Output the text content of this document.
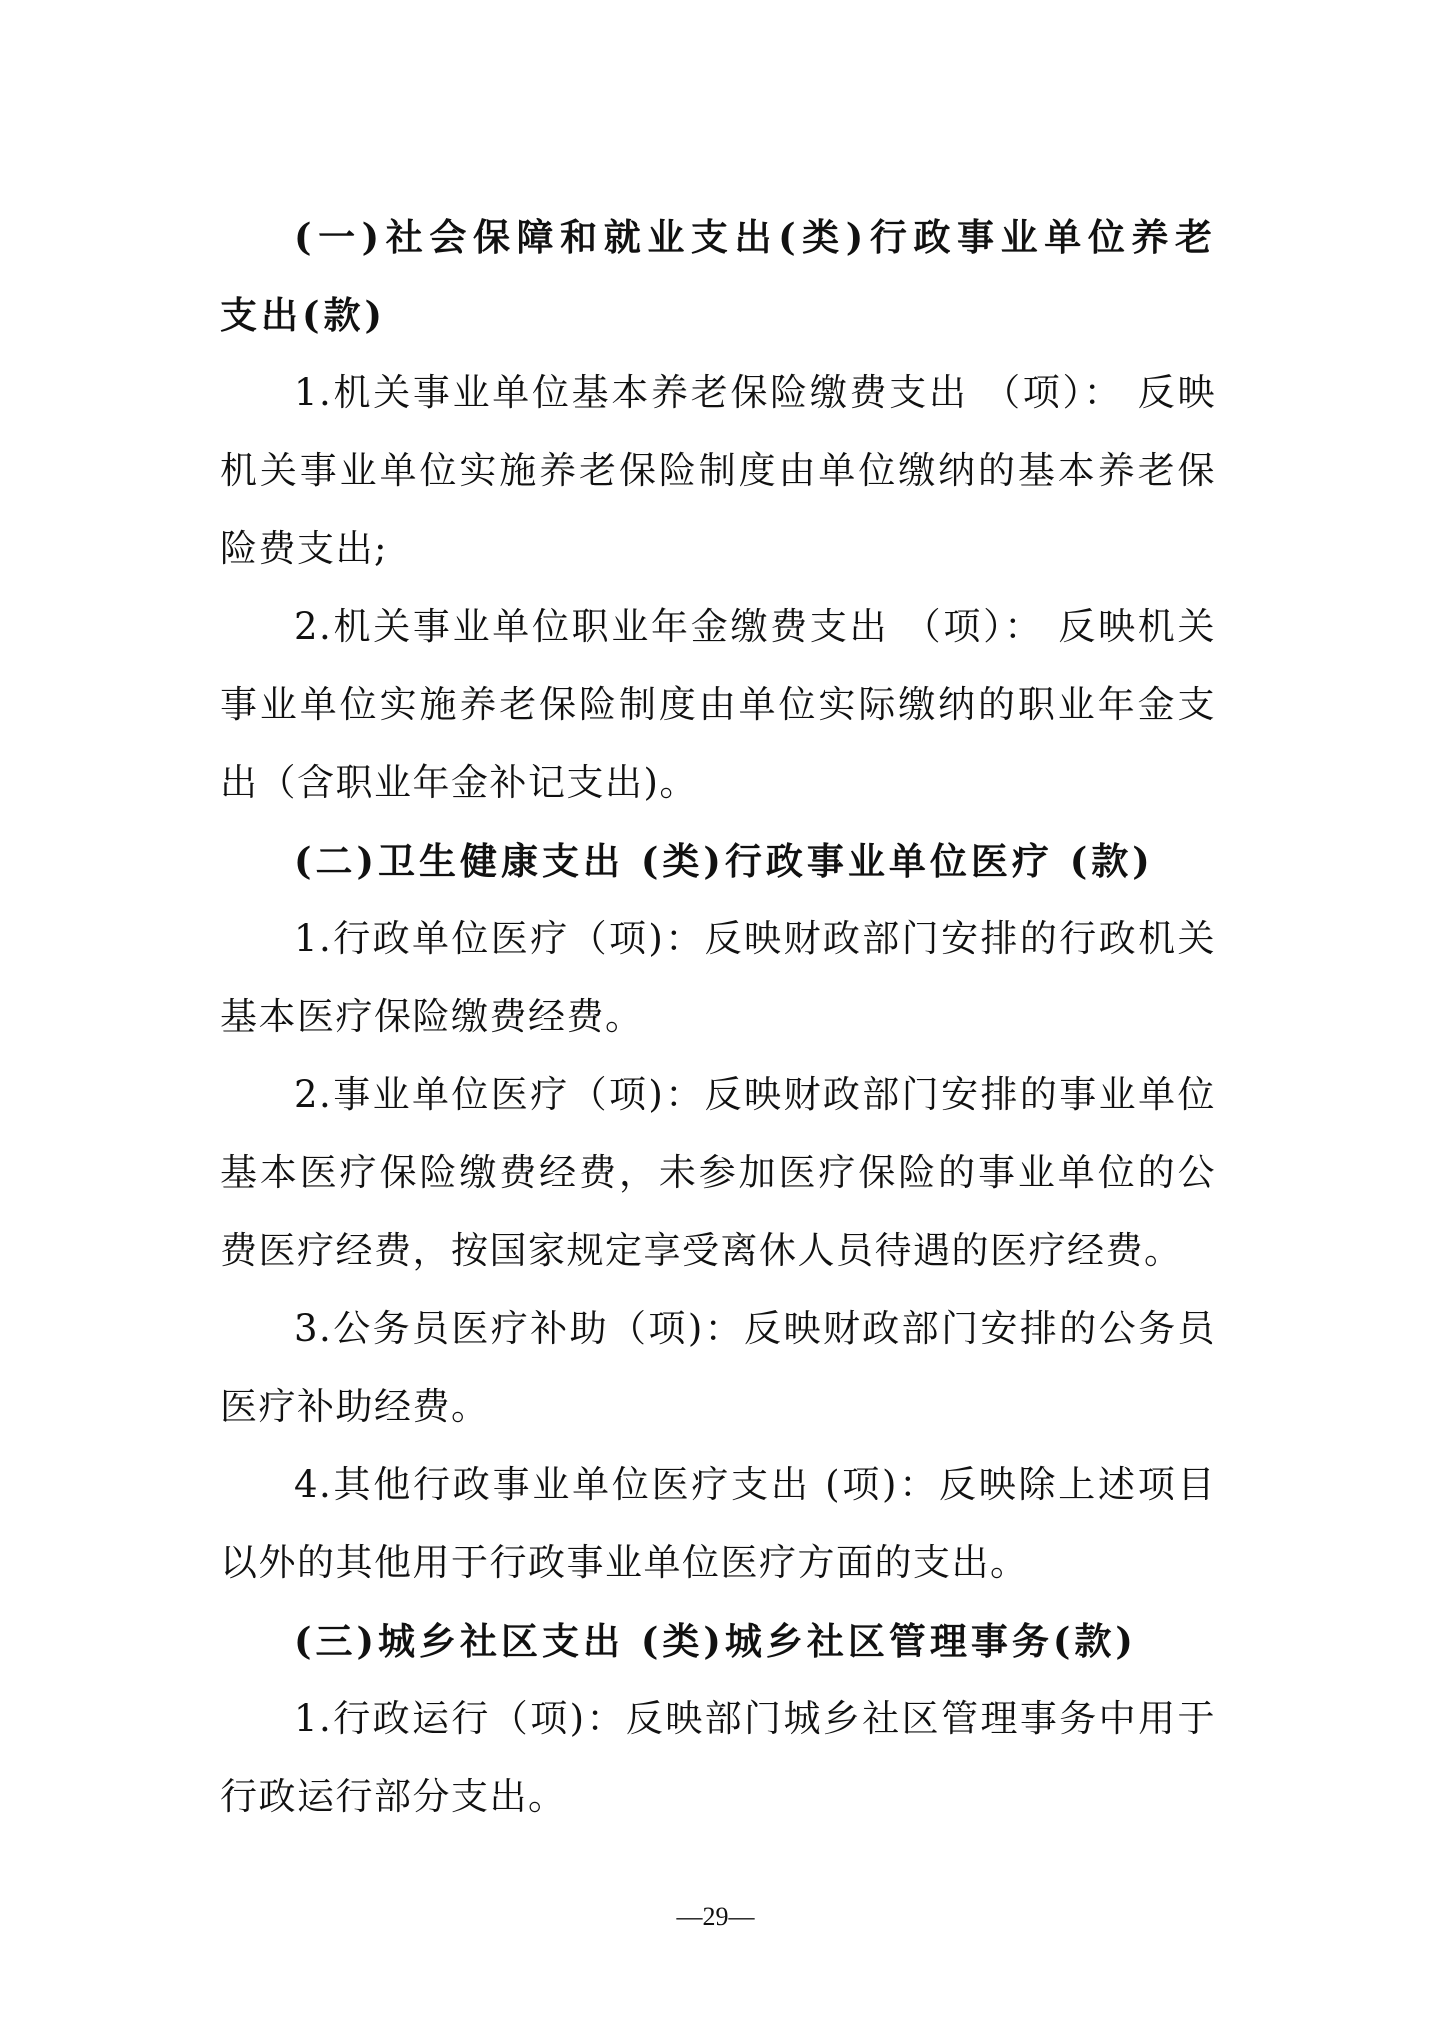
(一)社会保障和就业支出(类)行政事业单位养老
支出(款)
1.机关事业单位基本养老保险缴费支出 （项）： 反映
机关事业单位实施养老保险制度由单位缴纳的基本养老保
险费支出;
2.机关事业单位职业年金缴费支出 （项）： 反映机关
事业单位实施养老保险制度由单位实际缴纳的职业年金支
出（含职业年金补记支出)。
(二)卫生健康支出 (类)行政事业单位医疗 (款)
1.行政单位医疗（项)：反映财政部门安排的行政机关
基本医疗保险缴费经费。
2.事业单位医疗（项)：反映财政部门安排的事业单位
基本医疗保险缴费经费，未参加医疗保险的事业单位的公
费医疗经费，按国家规定享受离休人员待遇的医疗经费。
3.公务员医疗补助（项)：反映财政部门安排的公务员
医疗补助经费。
4.其他行政事业单位医疗支出 (项)：反映除上述项目
以外的其他用于行政事业单位医疗方面的支出。
(三)城乡社区支出 (类)城乡社区管理事务(款)
1.行政运行（项)：反映部门城乡社区管理事务中用于
行政运行部分支出。
—29—
